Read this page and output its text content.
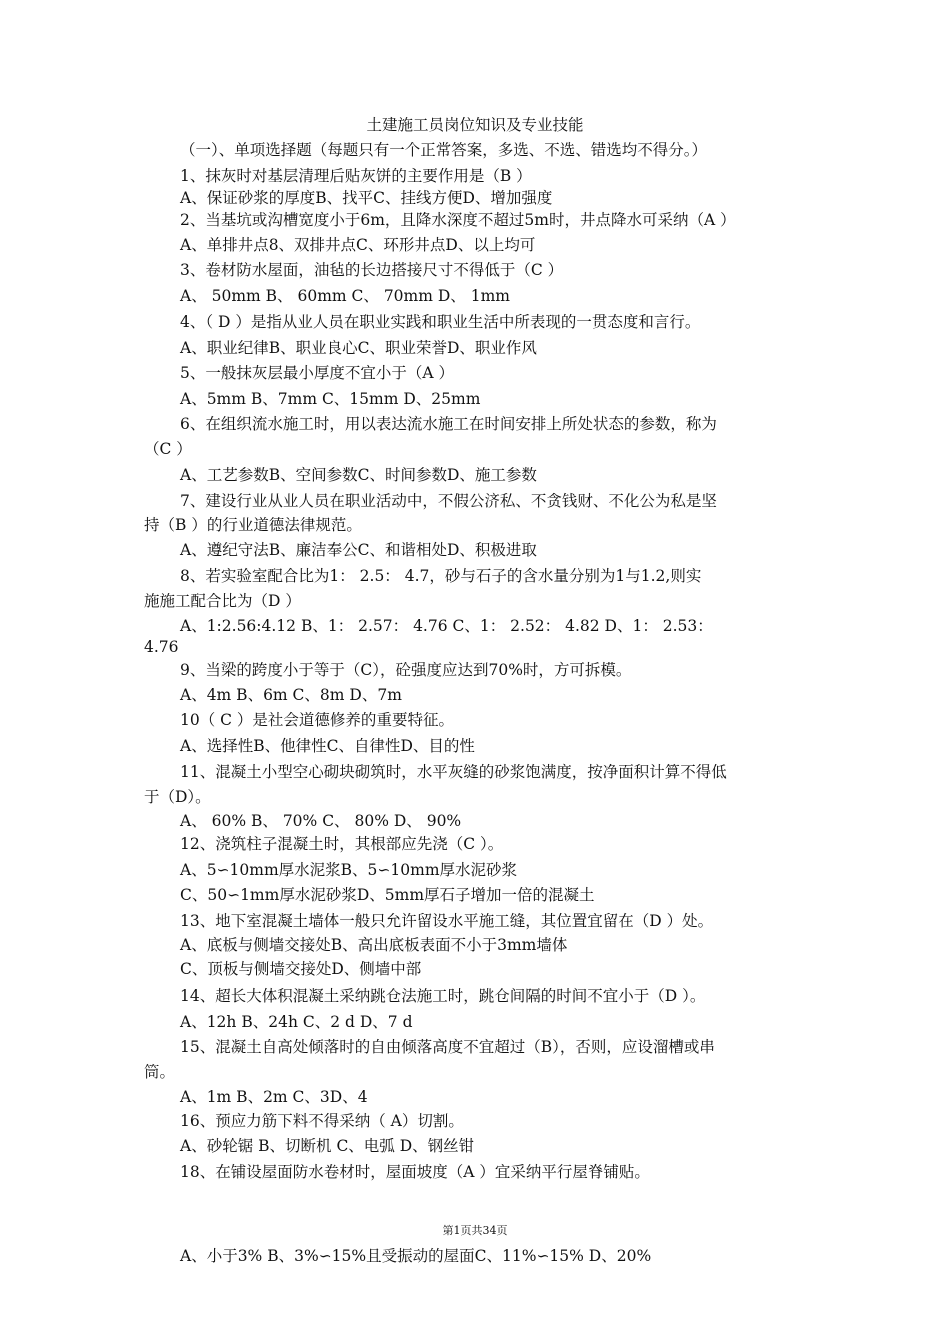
土建施工员岗位知识及专业技能
（一）、单项选择题（每题只有一个正常答案，多选、不选、错选均不得分。）
1、抹灰时对基层清理后贴灰饼的主要作用是（B ）
A、保证砂浆的厚度B、找平C、挂线方便D、增加强度
2、当基坑或沟槽宽度小于6m，且降水深度不超过5m时，井点降水可采纳（A ）
A、单排井点8、双排井点C、环形井点D、以上均可
3、卷材防水屋面，油毡的长边搭接尺寸不得低于（C ）
A、 50mm B、 60mm C、 70mm D、 1mm
4、（ D ）是指从业人员在职业实践和职业生活中所表现的一贯态度和言行。
A、职业纪律B、职业良心C、职业荣誉D、职业作风
5、一般抹灰层最小厚度不宜小于（A ）
A、5mm B、7mm C、15mm D、25mm
6、在组织流水施工时，用以表达流水施工在时间安排上所处状态的参数，称为
（C ）
A、工艺参数B、空间参数C、时间参数D、施工参数
7、建设行业从业人员在职业活动中，不假公济私、不贪钱财、不化公为私是坚
持（B ）的行业道德法律规范。
A、遵纪守法B、廉洁奉公C、和谐相处D、积极进取
8、若实验室配合比为1： 2.5： 4.7，砂与石子的含水量分别为1与1.2,则实
施施工配合比为（D ）
A、1:2.56:4.12 B、1： 2.57： 4.76 C、1： 2.52： 4.82 D、1： 2.53：
4.76
9、当梁的跨度小于等于（C），砼强度应达到70%时，方可拆模。
A、4m B、6m C、8m D、7m
10（ C ）是社会道德修养的重要特征。
A、选择性B、他律性C、自律性D、目的性
11、混凝土小型空心砌块砌筑时，水平灰缝的砂浆饱满度，按净面积计算不得低
于（D）。
A、 60% B、 70% C、 80% D、 90%
12、浇筑柱子混凝土时，其根部应先浇（C ）。
A、5∽10mm厚水泥浆B、5∽10mm厚水泥砂浆
C、50∽1mm厚水泥砂浆D、5mm厚石子增加一倍的混凝土
13、地下室混凝土墙体一般只允许留设水平施工缝，其位置宜留在（D ）处。
A、底板与侧墙交接处B、高出底板表面不小于3mm墙体
C、顶板与侧墙交接处D、侧墙中部
14、超长大体积混凝土采纳跳仓法施工时，跳仓间隔的时间不宜小于（D ）。
A、12h B、24h C、2 d D、7 d
15、混凝土自高处倾落时的自由倾落高度不宜超过（B），否则，应设溜槽或串
筒。
A、1m B、2m C、3D、4
16、预应力筋下料不得采纳（ A）切割。
A、砂轮锯 B、切断机 C、电弧 D、钢丝钳
18、在铺设屋面防水卷材时，屋面坡度（A ）宜采纳平行屋脊铺贴。
第1页共34页
A、小于3% B、3%∽15%且受振动的屋面C、11%∽15% D、20%
